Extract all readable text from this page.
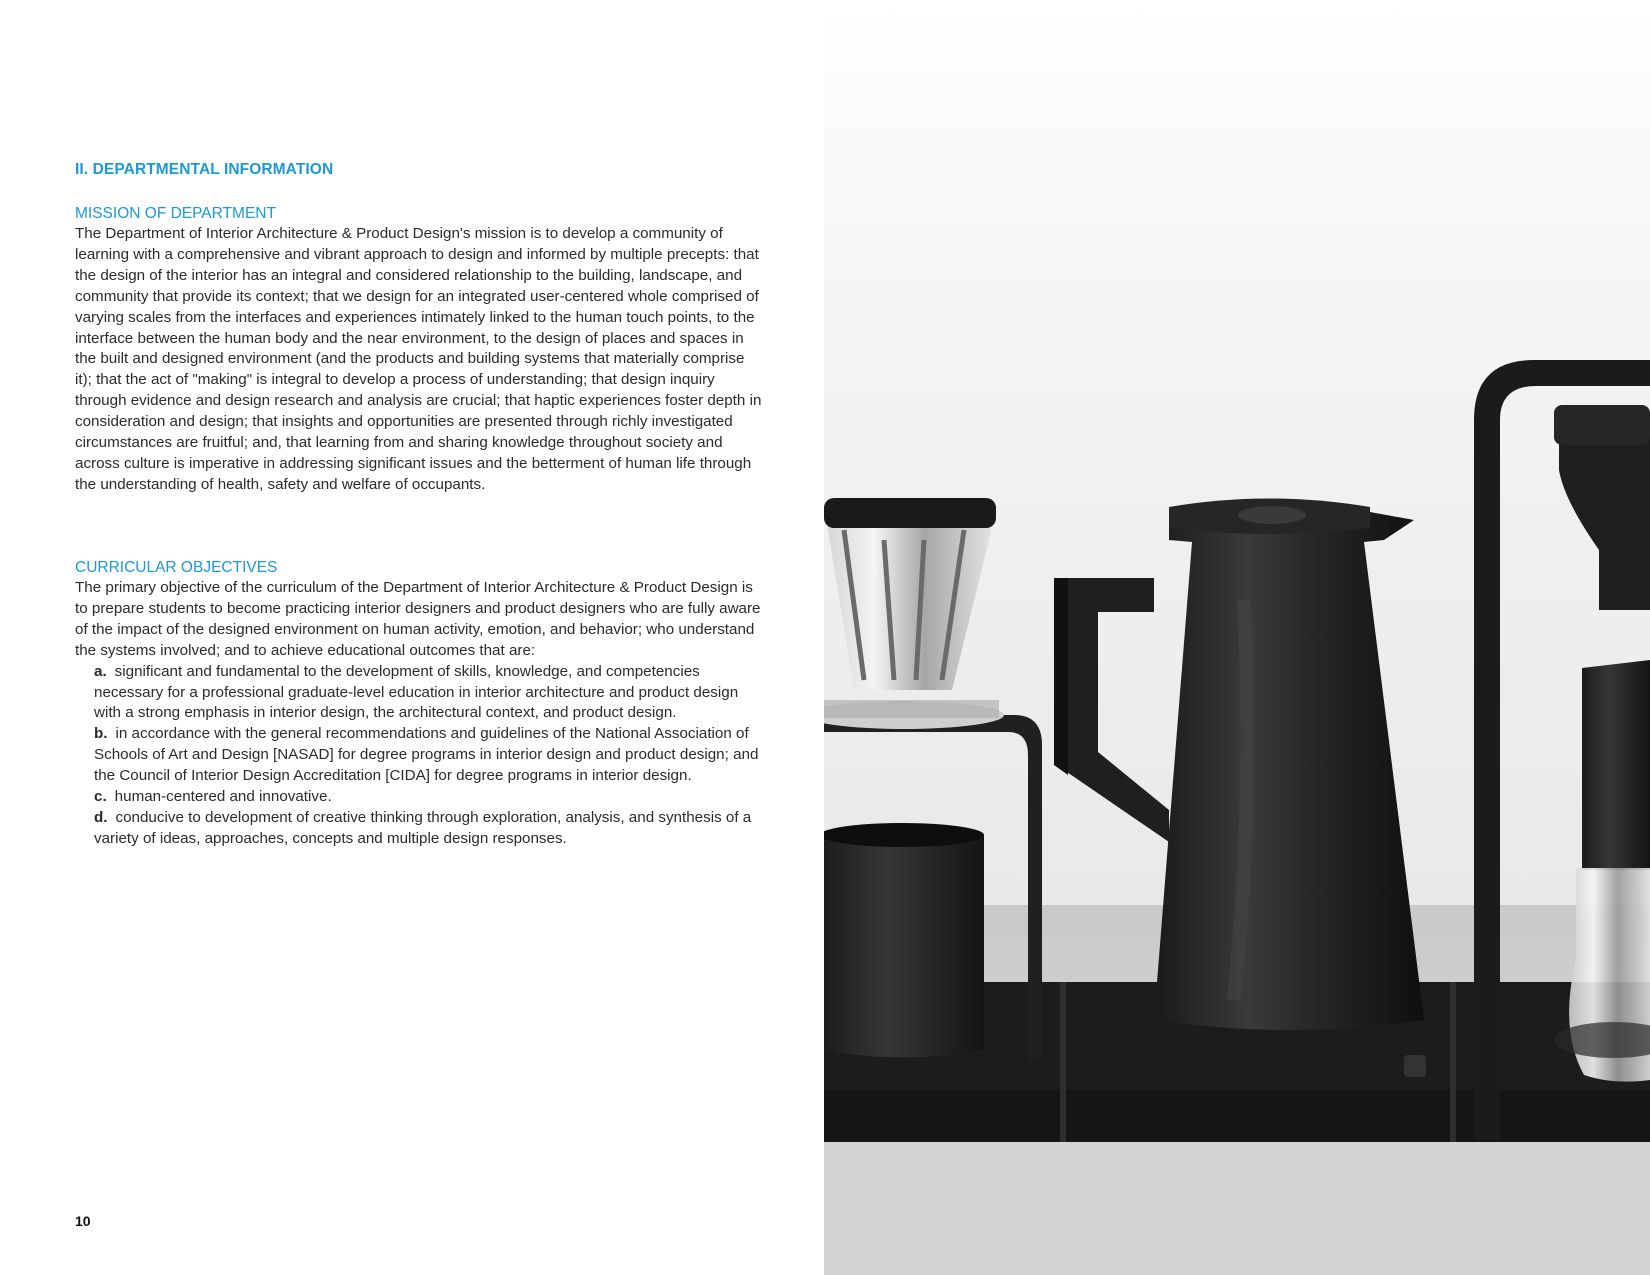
II. DEPARTMENTAL INFORMATION

MISSION OF DEPARTMENT

The Department of Interior Architecture & Product Design's mission is to develop a community of learning with a comprehensive and vibrant approach to design and informed by multiple precepts: that the design of the interior has an integral and considered relationship to the building, landscape, and community that provide its context; that we design for an integrated user-centered whole comprised of varying scales from the interfaces and experiences intimately linked to the human touch points, to the interface between the human body and the near environment, to the design of places and spaces in the built and designed environment (and the products and building systems that materially comprise it); that the act of "making" is integral to develop a process of understanding; that design inquiry through evidence and design research and analysis are crucial; that haptic experiences foster depth in consideration and design; that insights and opportunities are presented through richly investigated circumstances are fruitful; and, that learning from and sharing knowledge throughout society and across culture is imperative in addressing significant issues and the betterment of human life through the understanding of health, safety and welfare of occupants.

CURRICULAR OBJECTIVES

The primary objective of the curriculum of the Department of Interior Architecture & Product Design is to prepare students to become practicing interior designers and product designers who are fully aware of the impact of the designed environment on human activity, emotion, and behavior; who understand the systems involved; and to achieve educational outcomes that are:

a. significant and fundamental to the development of skills, knowledge, and competencies necessary for a professional graduate-level education in interior architecture and product design with a strong emphasis in interior design, the architectural context, and product design.
b. in accordance with the general recommendations and guidelines of the National Association of Schools of Art and Design [NASAD] for degree programs in interior design and product design; and the Council of Interior Design Accreditation [CIDA] for degree programs in interior design.
c. human-centered and innovative.
d. conducive to development of creative thinking through exploration, analysis, and synthesis of a variety of ideas, approaches, concepts and multiple design responses.
10
